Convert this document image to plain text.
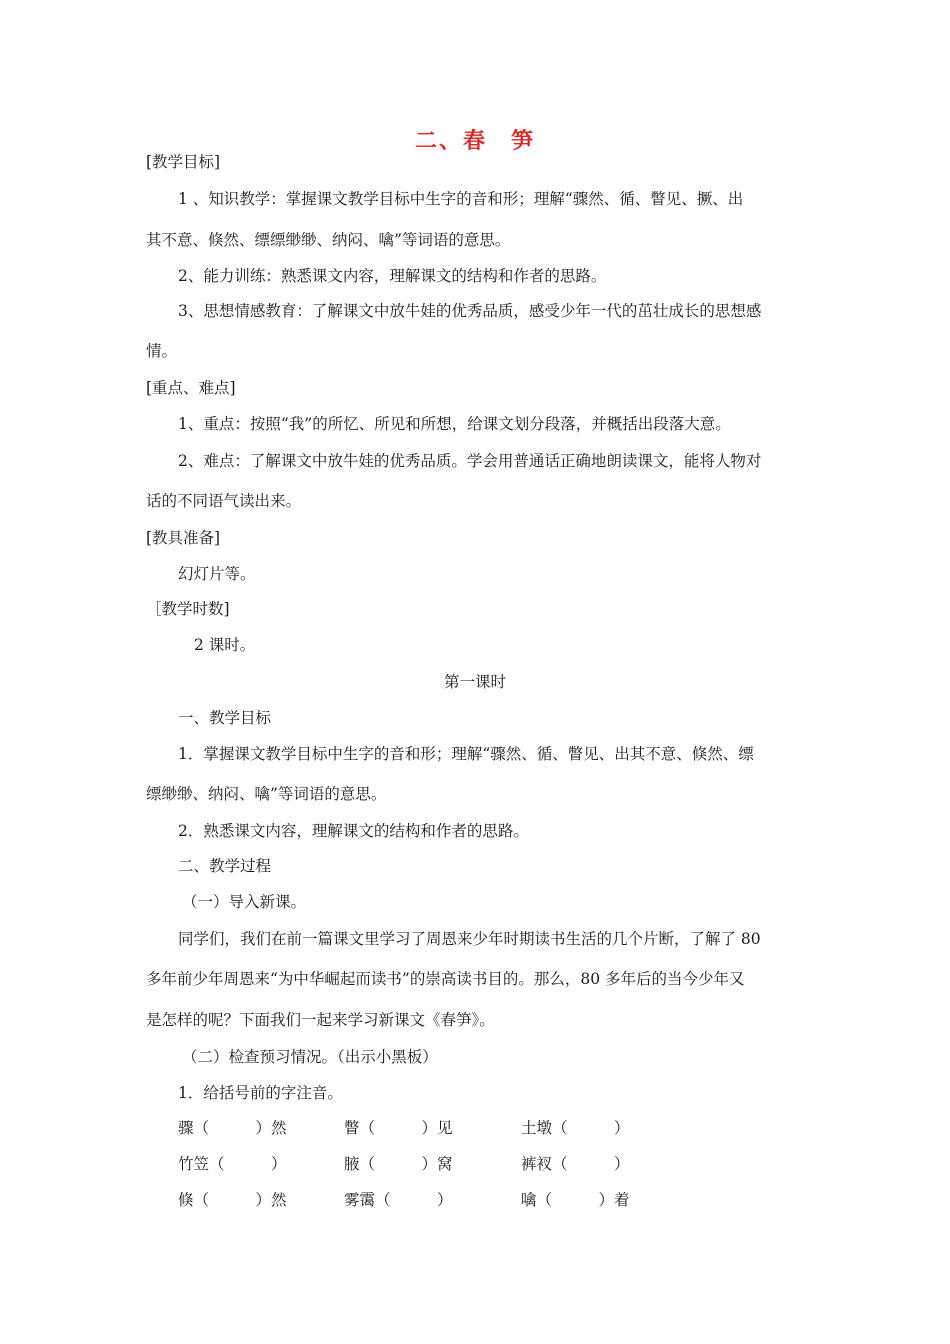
二、春　笋

[教学目标]

1 、知识教学：掌握课文教学目标中生字的音和形；理解“骤然、循、瞥见、撅、出

其不意、倏然、缥缥缈缈、纳闷、噙”等词语的意思。

2、能力训练：熟悉课文内容，理解课文的结构和作者的思路。

3、思想情感教育：了解课文中放牛娃的优秀品质，感受少年一代的茁壮成长的思想感

情。

[重点、难点]

1、重点：按照“我”的所忆、所见和所想，给课文划分段落，并概括出段落大意。

2、难点：了解课文中放牛娃的优秀品质。学会用普通话正确地朗读课文，能将人物对

话的不同语气读出来。

[教具准备]

幻灯片等。

［教学时数]

2 课时。

第一课时

一、教学目标

1．掌握课文教学目标中生字的音和形；理解“骤然、循、瞥见、出其不意、倏然、缥

缥缈缈、纳闷、噙”等词语的意思。

2．熟悉课文内容，理解课文的结构和作者的思路。

二、教学过程

（一）导入新课。

同学们，我们在前一篇课文里学习了周恩来少年时期读书生活的几个片断，了解了 80

多年前少年周恩来“为中华崛起而读书”的崇高读书目的。那么，80 多年后的当今少年又

是怎样的呢？下面我们一起来学习新课文《春笋》。

（二）检查预习情况。（出示小黑板）

1．给括号前的字注音。

骤（　　　）然	瞥（　　　）见	土墩（　　　）
竹笠（　　　）	腋（　　　）窝	裤衩（　　　）
倏（　　　）然	雾霭（　　　）	噙（　　　）着
